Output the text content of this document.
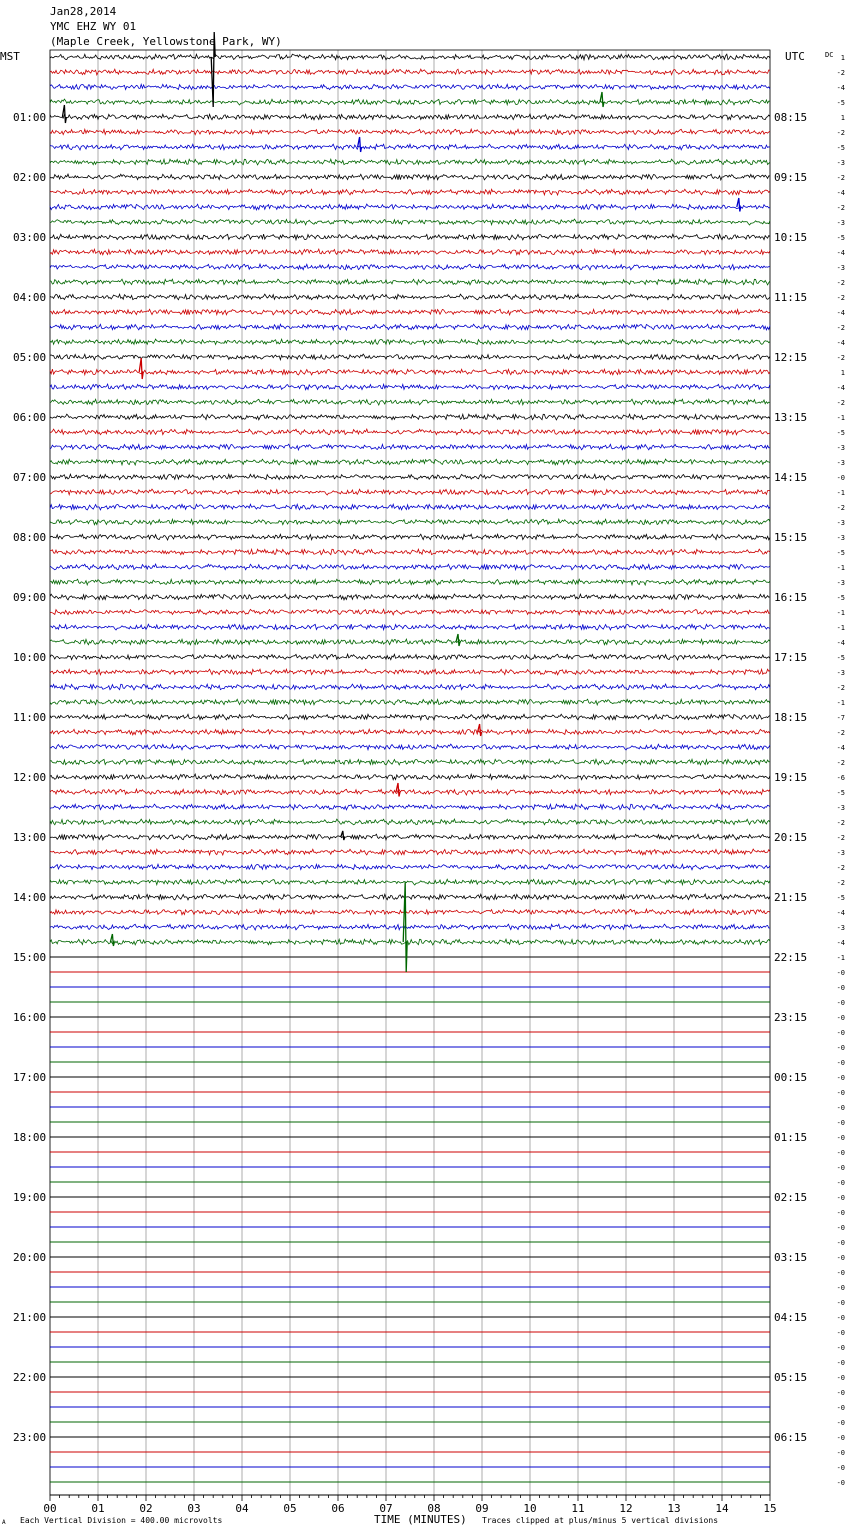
Jan28,2014
YMC EHZ WY 01
(Maple Creek, Yellowstone Park, WY)
MST	UTC	DC
01:00
02:00
03:00
04:00
05:00
06:00
07:00
08:00
09:00
10:00
11:00
12:00
13:00
14:00
15:00
16:00
17:00
18:00
19:00
20:00
21:00
22:00
23:00
08:15
09:15
10:15
11:15
12:15
13:15
14:15
15:15
16:15
17:15
18:15
19:15
20:15
21:15
22:15
23:15
00:15
01:15
02:15
03:15
04:15
05:15
06:15
1
-2
-4
-5
1
-2
-5
-3
-2
-4
-2
-3
-5
-4
-3
-2
-2
-4
-2
-4
-2
1
-4
-2
-1
-5
-3
-3
-0
-1
-2
-3
-3
-5
-1
-3
-5
-1
-1
-4
-5
-3
-2
-1
-7
-2
-4
-2
-6
-5
-3
-2
-2
-3
-2
-2
-5
-4
-3
-4
-1
-0
-0
-0
-0
-0
-0
-0
-0
-0
-0
-0
-0
-0
-0
-0
-0
-0
-0
-0
-0
-0
-0
-0
-0
-0
-0
-0
-0
-0
-0
-0
-0
-0
-0
-0
00	01	02	03	04	05	06	07	08	09	10	11	12	13	14	15
A Each Vertical Division = 400.00 microvolts	TIME (MINUTES) Traces clipped at plus/minus 5 vertical divisions
